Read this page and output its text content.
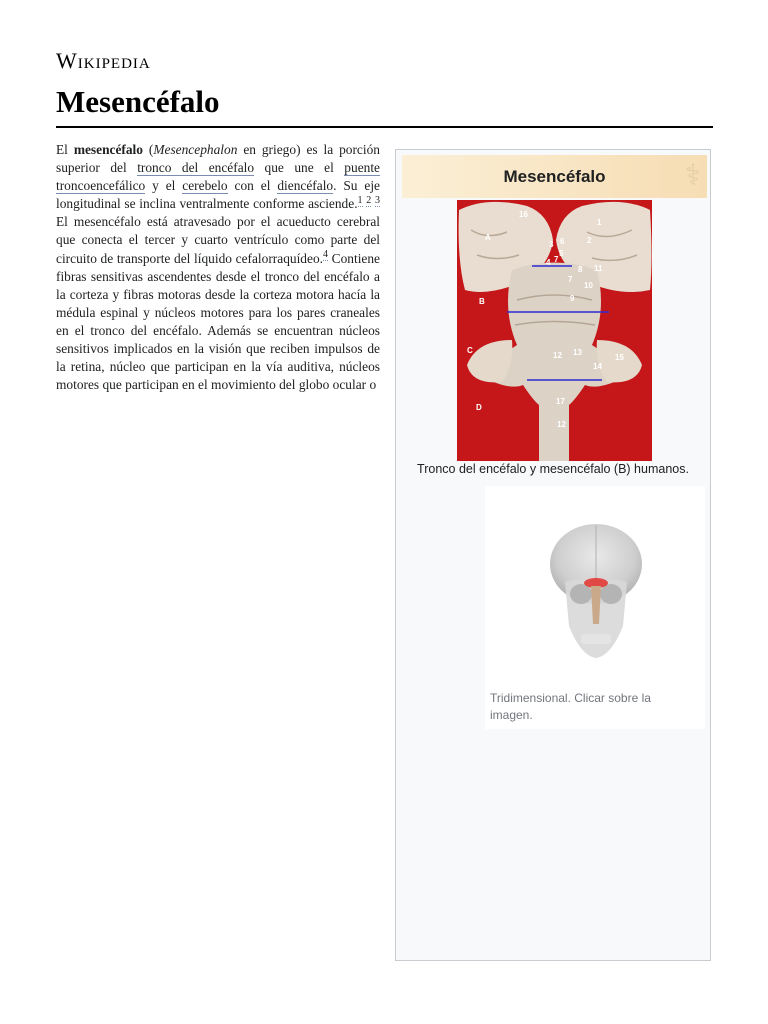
Wikipedia
Mesencéfalo

El mesencéfalo (Mesencephalon en griego) es la porción superior del tronco del encéfalo que une el puente troncoencefálico y el cerebelo con el diencéfalo. Su eje longitudinal se inclina ventralmente conforme asciende.$^1$ $^2$ $^3$ El mesencéfalo está atravesado por el acueducto cerebral que conecta el tercer y cuarto ventrículo como parte del circuito de transporte del líquido cefalorraquídeo.$^4$ Contiene fibras sensitivas ascendentes desde el tronco del encéfalo a la corteza y fibras motoras desde la corteza motora hacía la médula espinal y núcleos motores para los pares craneales en el tronco del encéfalo. Además se encuentran núcleos sensitivos implicados en la visión que reciben impulsos de la retina, núcleo que participan en la vía auditiva, núcleos motores que participan en el movimiento del globo ocular o

Mesencéfalo	⚕
16
1
A
3 6	2
5
7
4
8 11
7
10
9
B
C
12 13
15
14
D
17
12
Tronco del encéfalo y mesencéfalo (B) humanos.
Tridimensional. Clicar sobre la imagen.
